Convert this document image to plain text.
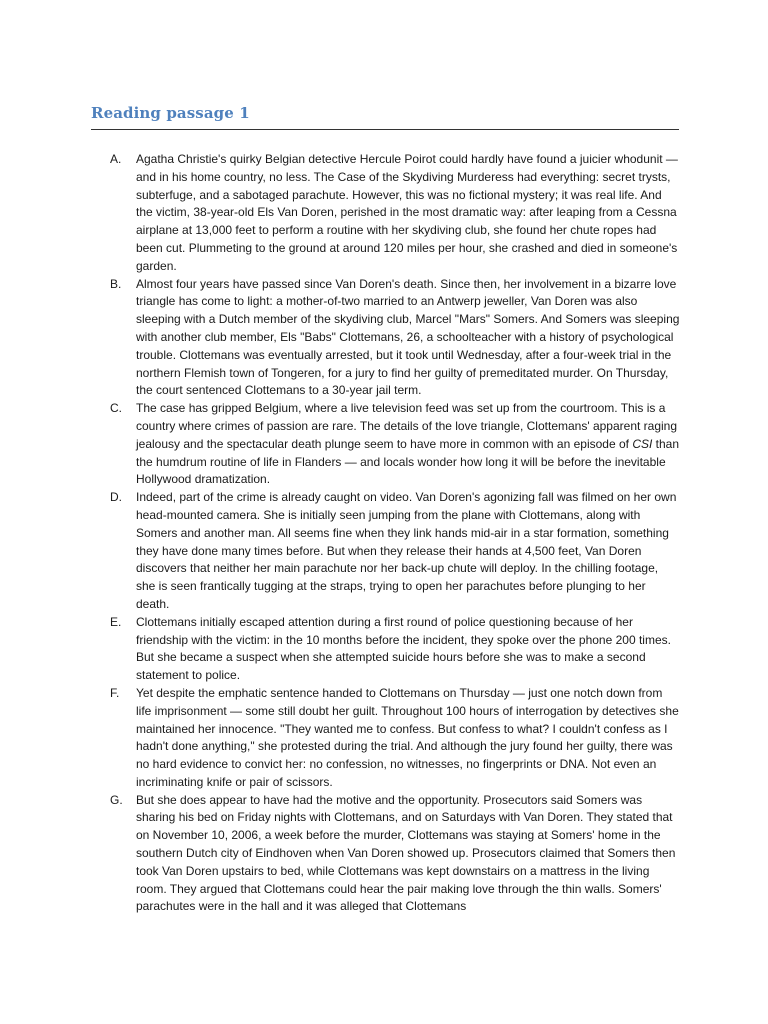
Reading passage 1
A.	Agatha Christie's quirky Belgian detective Hercule Poirot could hardly have found a juicier whodunit — and in his home country, no less. The Case of the Skydiving Murderess had everything: secret trysts, subterfuge, and a sabotaged parachute. However, this was no fictional mystery; it was real life. And the victim, 38-year-old Els Van Doren, perished in the most dramatic way: after leaping from a Cessna airplane at 13,000 feet to perform a routine with her skydiving club, she found her chute ropes had been cut. Plummeting to the ground at around 120 miles per hour, she crashed and died in someone's garden.
B.	Almost four years have passed since Van Doren's death. Since then, her involvement in a bizarre love triangle has come to light: a mother-of-two married to an Antwerp jeweller, Van Doren was also sleeping with a Dutch member of the skydiving club, Marcel "Mars" Somers. And Somers was sleeping with another club member, Els "Babs" Clottemans, 26, a schoolteacher with a history of psychological trouble. Clottemans was eventually arrested, but it took until Wednesday, after a four-week trial in the northern Flemish town of Tongeren, for a jury to find her guilty of premeditated murder. On Thursday, the court sentenced Clottemans to a 30-year jail term.
C.	The case has gripped Belgium, where a live television feed was set up from the courtroom. This is a country where crimes of passion are rare. The details of the love triangle, Clottemans' apparent raging jealousy and the spectacular death plunge seem to have more in common with an episode of CSI than the humdrum routine of life in Flanders — and locals wonder how long it will be before the inevitable Hollywood dramatization.
D.	Indeed, part of the crime is already caught on video. Van Doren's agonizing fall was filmed on her own head-mounted camera. She is initially seen jumping from the plane with Clottemans, along with Somers and another man. All seems fine when they link hands mid-air in a star formation, something they have done many times before. But when they release their hands at 4,500 feet, Van Doren discovers that neither her main parachute nor her back-up chute will deploy. In the chilling footage, she is seen frantically tugging at the straps, trying to open her parachutes before plunging to her death.
E.	Clottemans initially escaped attention during a first round of police questioning because of her friendship with the victim: in the 10 months before the incident, they spoke over the phone 200 times. But she became a suspect when she attempted suicide hours before she was to make a second statement to police.
F.	Yet despite the emphatic sentence handed to Clottemans on Thursday — just one notch down from life imprisonment — some still doubt her guilt. Throughout 100 hours of interrogation by detectives she maintained her innocence. "They wanted me to confess. But confess to what? I couldn't confess as I hadn't done anything," she protested during the trial. And although the jury found her guilty, there was no hard evidence to convict her: no confession, no witnesses, no fingerprints or DNA. Not even an incriminating knife or pair of scissors.
G.	But she does appear to have had the motive and the opportunity. Prosecutors said Somers was sharing his bed on Friday nights with Clottemans, and on Saturdays with Van Doren. They stated that on November 10, 2006, a week before the murder, Clottemans was staying at Somers' home in the southern Dutch city of Eindhoven when Van Doren showed up. Prosecutors claimed that Somers then took Van Doren upstairs to bed, while Clottemans was kept downstairs on a mattress in the living room. They argued that Clottemans could hear the pair making love through the thin walls. Somers' parachutes were in the hall and it was alleged that Clottemans
